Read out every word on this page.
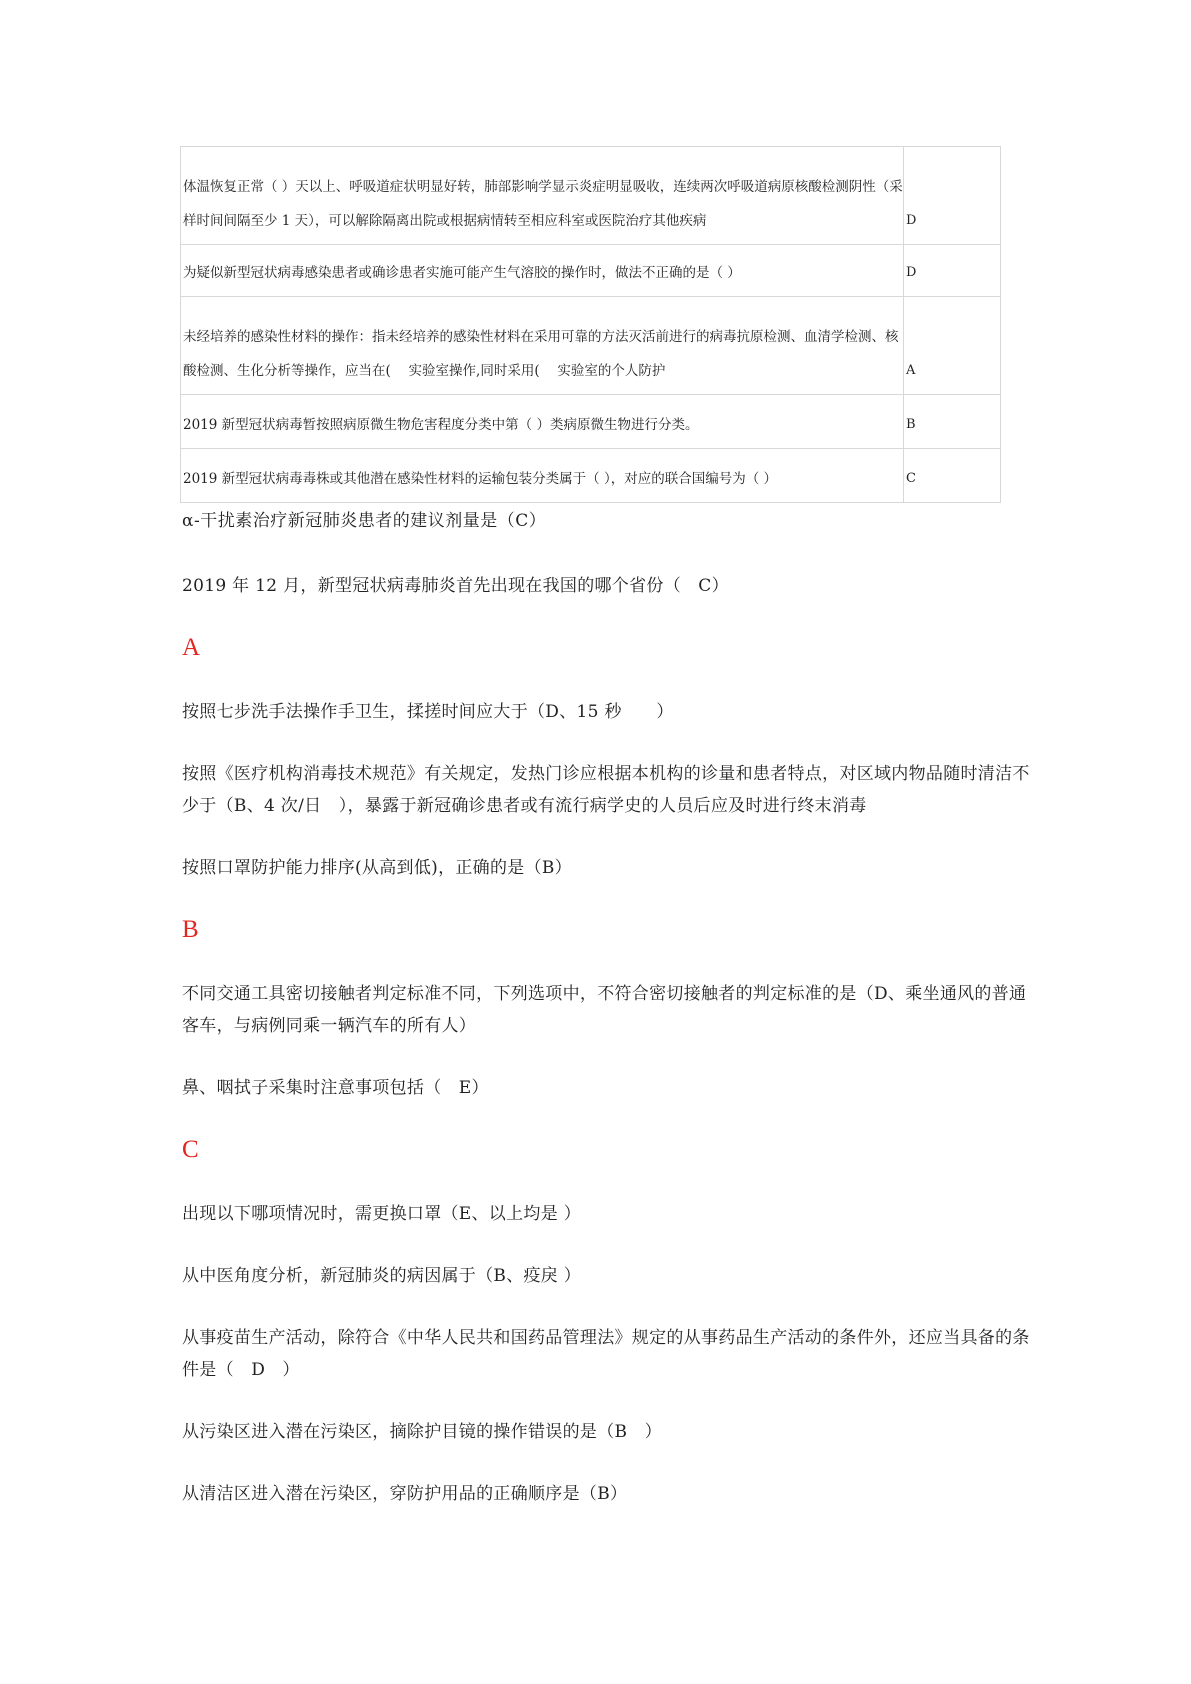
体温恢复正常（ ）天以上、呼吸道症状明显好转，肺部影响学显示炎症明显吸收，连续两次呼吸道病原核酸检测阴性（采样时间间隔至少 1 天），可以解除隔离出院或根据病情转至相应科室或医院治疗其他疾病	D
为疑似新型冠状病毒感染患者或确诊患者实施可能产生气溶胶的操作时，做法不正确的是（ ）	D
未经培养的感染性材料的操作：指未经培养的感染性材料在采用可靠的方法灭活前进行的病毒抗原检测、血清学检测、核酸检测、生化分析等操作，应当在(　 实验室操作,同时采用(　 实验室的个人防护	A
2019 新型冠状病毒暂按照病原微生物危害程度分类中第（ ）类病原微生物进行分类。	B
2019 新型冠状病毒毒株或其他潜在感染性材料的运输包装分类属于（ ），对应的联合国编号为（ ）	C

α-干扰素治疗新冠肺炎患者的建议剂量是（C）

2019 年 12 月，新型冠状病毒肺炎首先出现在我国的哪个省份（　C）

A

按照七步洗手法操作手卫生，揉搓时间应大于（D、15 秒　　）

按照《医疗机构消毒技术规范》有关规定，发热门诊应根据本机构的诊量和患者特点，对区域内物品随时清洁不少于（B、4 次/日　），暴露于新冠确诊患者或有流行病学史的人员后应及时进行终末消毒

按照口罩防护能力排序(从高到低)，正确的是（B）

B

不同交通工具密切接触者判定标准不同，下列选项中，不符合密切接触者的判定标准的是（D、乘坐通风的普通客车，与病例同乘一辆汽车的所有人）

鼻、咽拭子采集时注意事项包括（　E）

C

出现以下哪项情况时，需更换口罩（E、以上均是 ）

从中医角度分析，新冠肺炎的病因属于（B、疫戾 ）

从事疫苗生产活动，除符合《中华人民共和国药品管理法》规定的从事药品生产活动的条件外，还应当具备的条件是（　D　）

从污染区进入潜在污染区，摘除护目镜的操作错误的是（B　）

从清洁区进入潜在污染区，穿防护用品的正确顺序是（B）
